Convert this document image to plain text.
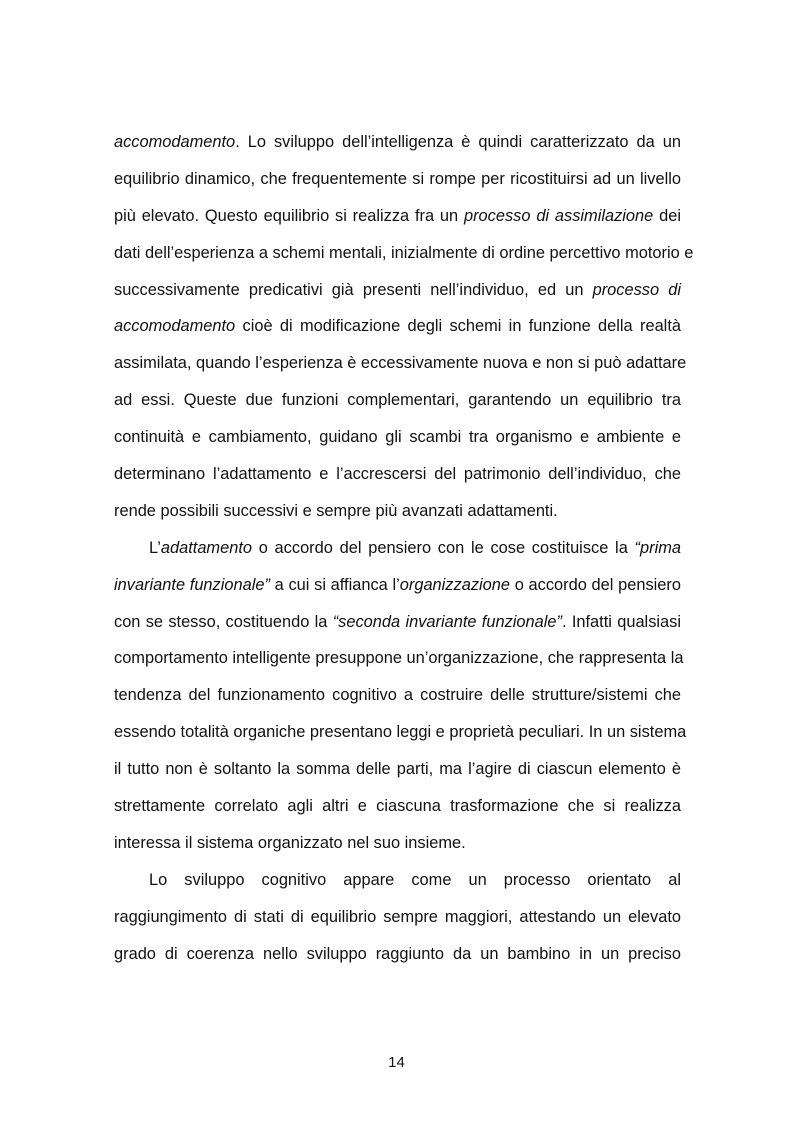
accomodamento. Lo sviluppo dell’intelligenza è quindi caratterizzato da un
equilibrio dinamico, che frequentemente si rompe per ricostituirsi ad un livello
più elevato. Questo equilibrio si realizza fra un processo di assimilazione dei
dati dell’esperienza a schemi mentali, inizialmente di ordine percettivo motorio e
successivamente predicativi già presenti nell’individuo, ed un processo di
accomodamento cioè di modificazione degli schemi in funzione della realtà
assimilata, quando l’esperienza è eccessivamente nuova e non si può adattare
ad essi. Queste due funzioni complementari, garantendo un equilibrio tra
continuità e cambiamento, guidano gli scambi tra organismo e ambiente e
determinano l’adattamento e l’accrescersi del patrimonio dell’individuo, che
rende possibili successivi e sempre più avanzati adattamenti.
L’adattamento o accordo del pensiero con le cose costituisce la “prima
invariante funzionale” a cui si affianca l’organizzazione o accordo del pensiero
con se stesso, costituendo la “seconda invariante funzionale”. Infatti qualsiasi
comportamento intelligente presuppone un’organizzazione, che rappresenta la
tendenza del funzionamento cognitivo a costruire delle strutture/sistemi che
essendo totalità organiche presentano leggi e proprietà peculiari. In un sistema
il tutto non è soltanto la somma delle parti, ma l’agire di ciascun elemento è
strettamente correlato agli altri e ciascuna trasformazione che si realizza
interessa il sistema organizzato nel suo insieme.
Lo sviluppo cognitivo appare come un processo orientato al
raggiungimento di stati di equilibrio sempre maggiori, attestando un elevato
grado di coerenza nello sviluppo raggiunto da un bambino in un preciso
14
